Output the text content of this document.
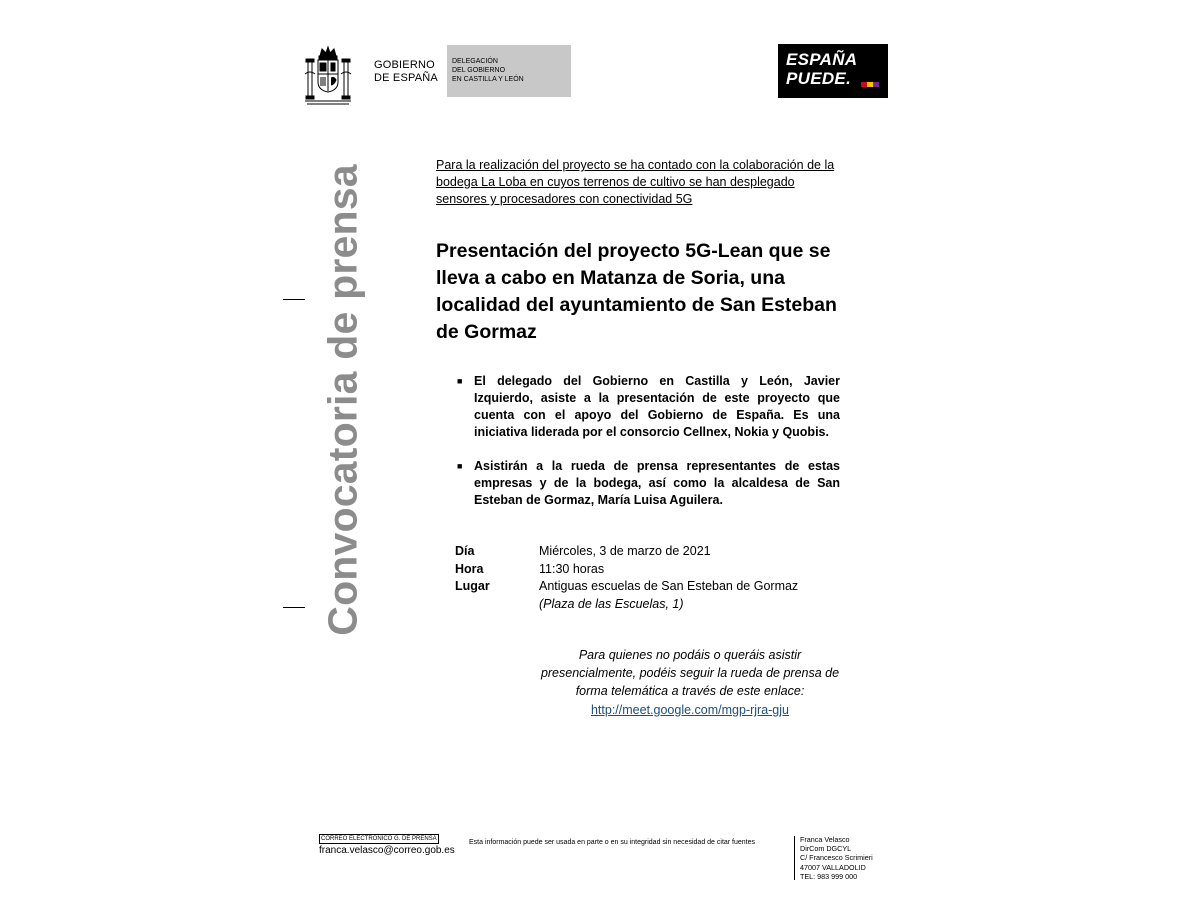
GOBIERNO
DE ESPAÑA
DELEGACIÓN
DEL GOBIERNO
EN CASTILLA Y LEÓN
ESPAÑA
PUEDE.
Convocatoria de prensa	Para la realización del proyecto se ha contado con la colaboración de la bodega La Loba en cuyos terrenos de cultivo se han desplegado sensores y procesadores con conectividad 5G
Presentación del proyecto 5G-Lean que se lleva a cabo en Matanza de Soria, una localidad del ayuntamiento de San Esteban de Gormaz
■ El delegado del Gobierno en Castilla y León, Javier Izquierdo, asiste a la presentación de este proyecto que cuenta con el apoyo del Gobierno de España. Es una iniciativa liderada por el consorcio Cellnex, Nokia y Quobis.
■ Asistirán a la rueda de prensa representantes de estas empresas y de la bodega, así como la alcaldesa de San Esteban de Gormaz, María Luisa Aguilera.
Día	Miércoles, 3 de marzo de 2021
Hora	11:30 horas
Lugar	Antiguas escuelas de San Esteban de Gormaz
(Plaza de las Escuelas, 1)
Para quienes no podáis o queráis asistir presencialmente, podéis seguir la rueda de prensa de forma telemática a través de este enlace:
http://meet.google.com/mgp-rjra-gju
CORREO ELECTRÓNICO G. DE PRENSA
franca.velasco@correo.gob.es
Esta información puede ser usada en parte o en su integridad sin necesidad de citar fuentes	Franca Velasco
DirCom DGCYL
C/ Francesco Scrimieri
47007 VALLADOLID
TEL: 983 999 000
